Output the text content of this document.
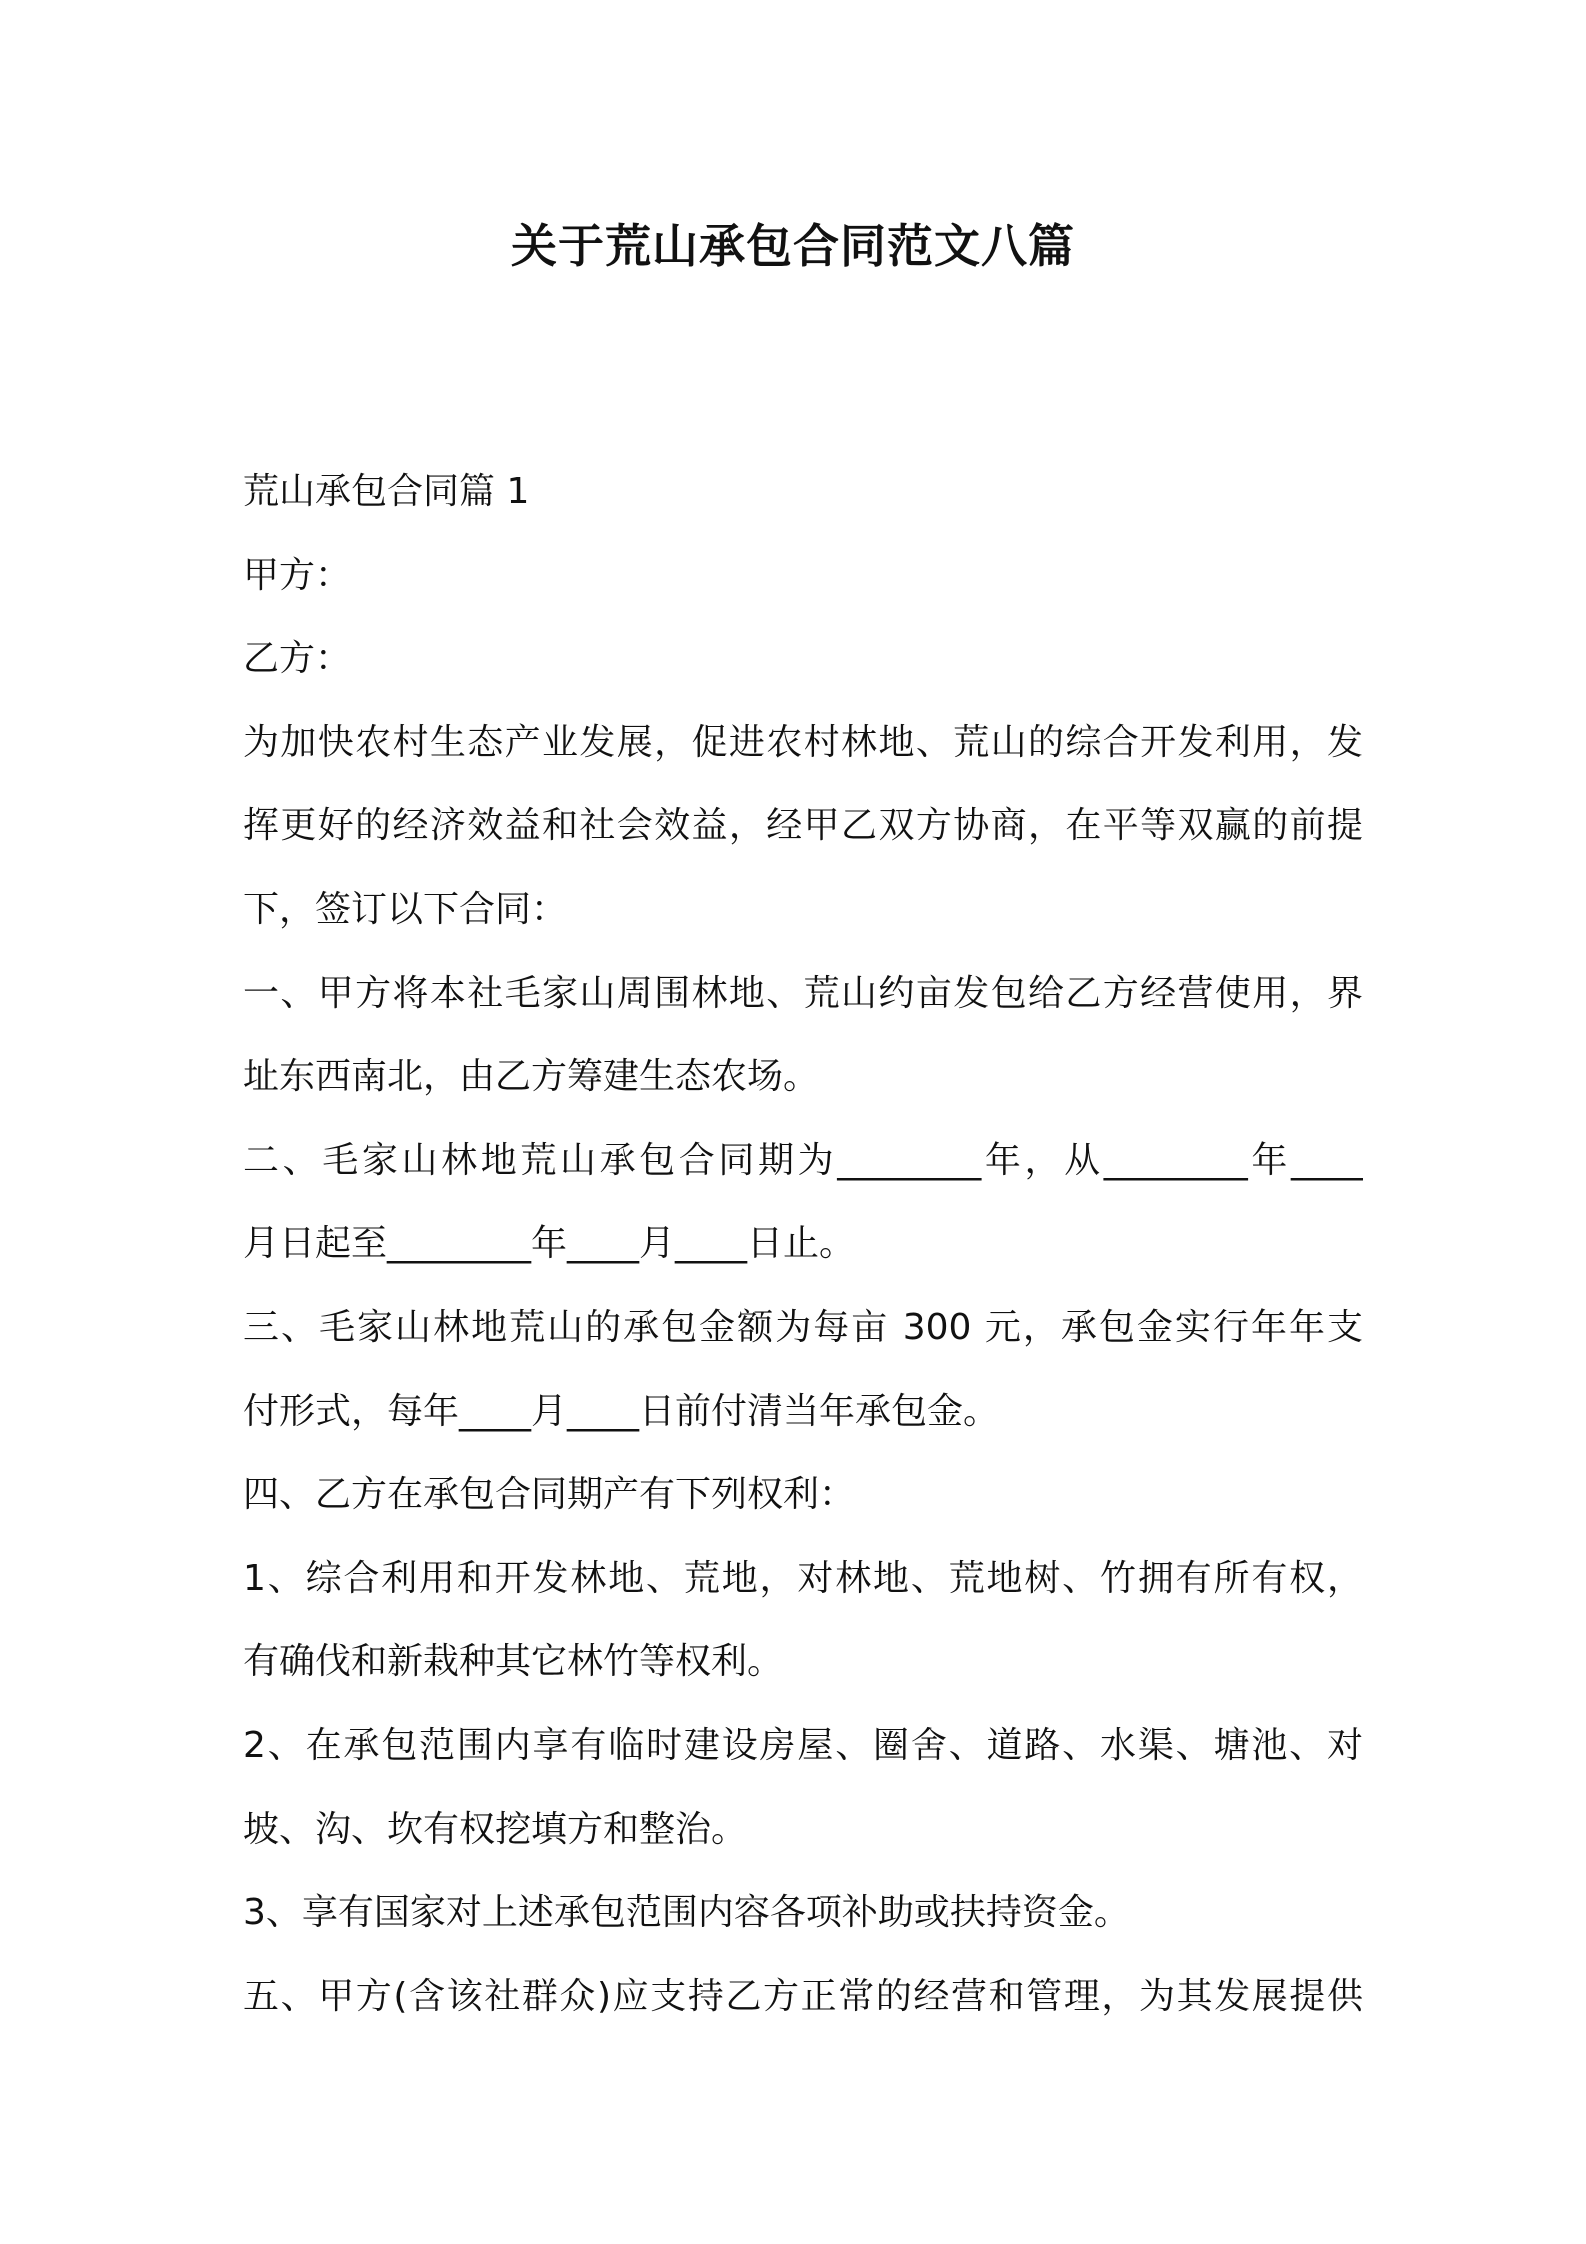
关于荒山承包合同范文八篇
荒山承包合同篇 1
甲方：
乙方：
为加快农村生态产业发展，促进农村林地、荒山的综合开发利用，发
挥更好的经济效益和社会效益，经甲乙双方协商，在平等双赢的前提
下，签订以下合同：
一、甲方将本社毛家山周围林地、荒山约亩发包给乙方经营使用，界
址东西南北，由乙方筹建生态农场。
二、毛家山林地荒山承包合同期为________年，从________年____
月日起至________年____月____日止。
三、毛家山林地荒山的承包金额为每亩 300 元，承包金实行年年支
付形式，每年____月____日前付清当年承包金。
四、乙方在承包合同期产有下列权利：
1、综合利用和开发林地、荒地，对林地、荒地树、竹拥有所有权，
有确伐和新栽种其它林竹等权利。
2、在承包范围内享有临时建设房屋、圈舍、道路、水渠、塘池、对
坡、沟、坎有权挖填方和整治。
3、享有国家对上述承包范围内容各项补助或扶持资金。
五、甲方(含该社群众)应支持乙方正常的经营和管理，为其发展提供
